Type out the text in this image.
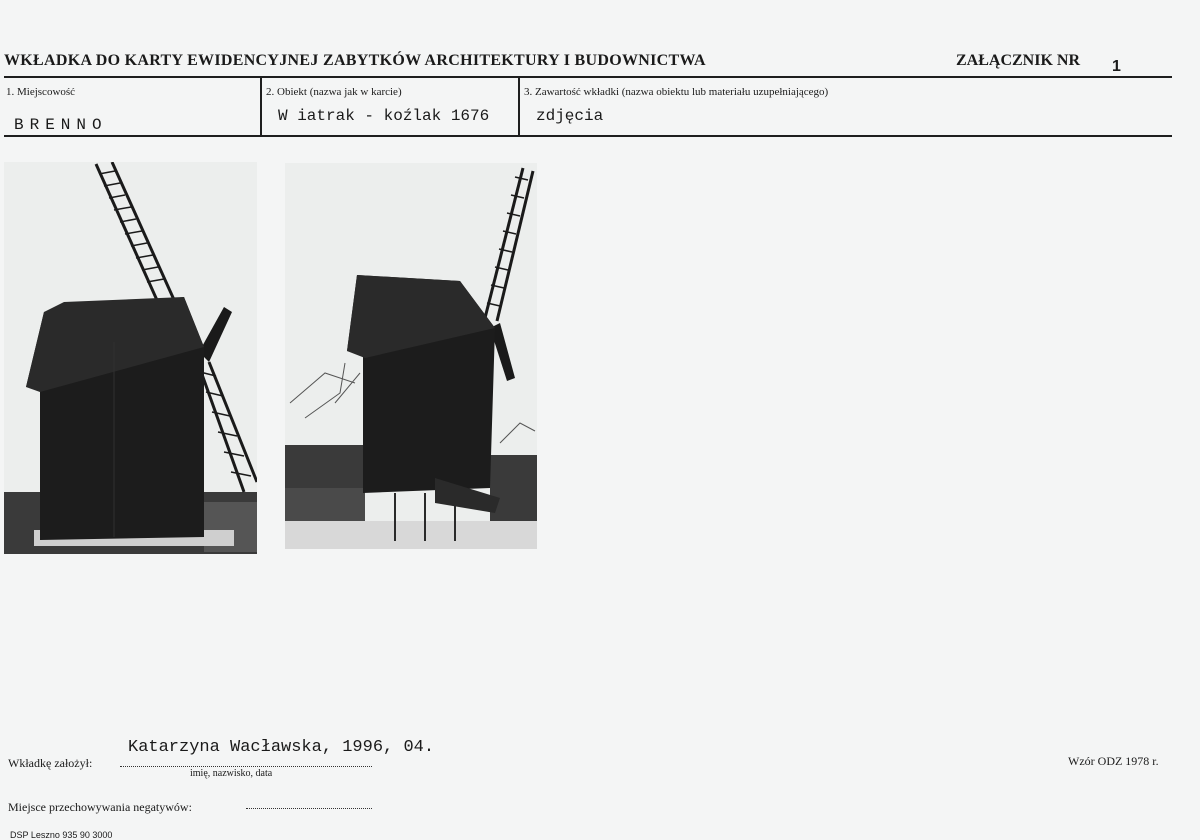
WKŁADKA DO KARTY EWIDENCYJNEJ ZABYTKÓW ARCHITEKTURY I BUDOWNICTWA	ZAŁĄCZNIK NR 1
1. Miejscowość
BRENNO
2. Obiekt (nazwa jak w karcie)
W iatrak - koźlak 1676
3. Zawartość wkładki (nazwa obiektu lub materiału uzupełniającego)
zdjęcia
Wkładkę założył:
Katarzyna Wacławska, 1996, 04.
imię, nazwisko, data
Wzór ODZ 1978 r.
Miejsce przechowywania negatywów:
DSP Leszno 935 90 3000
